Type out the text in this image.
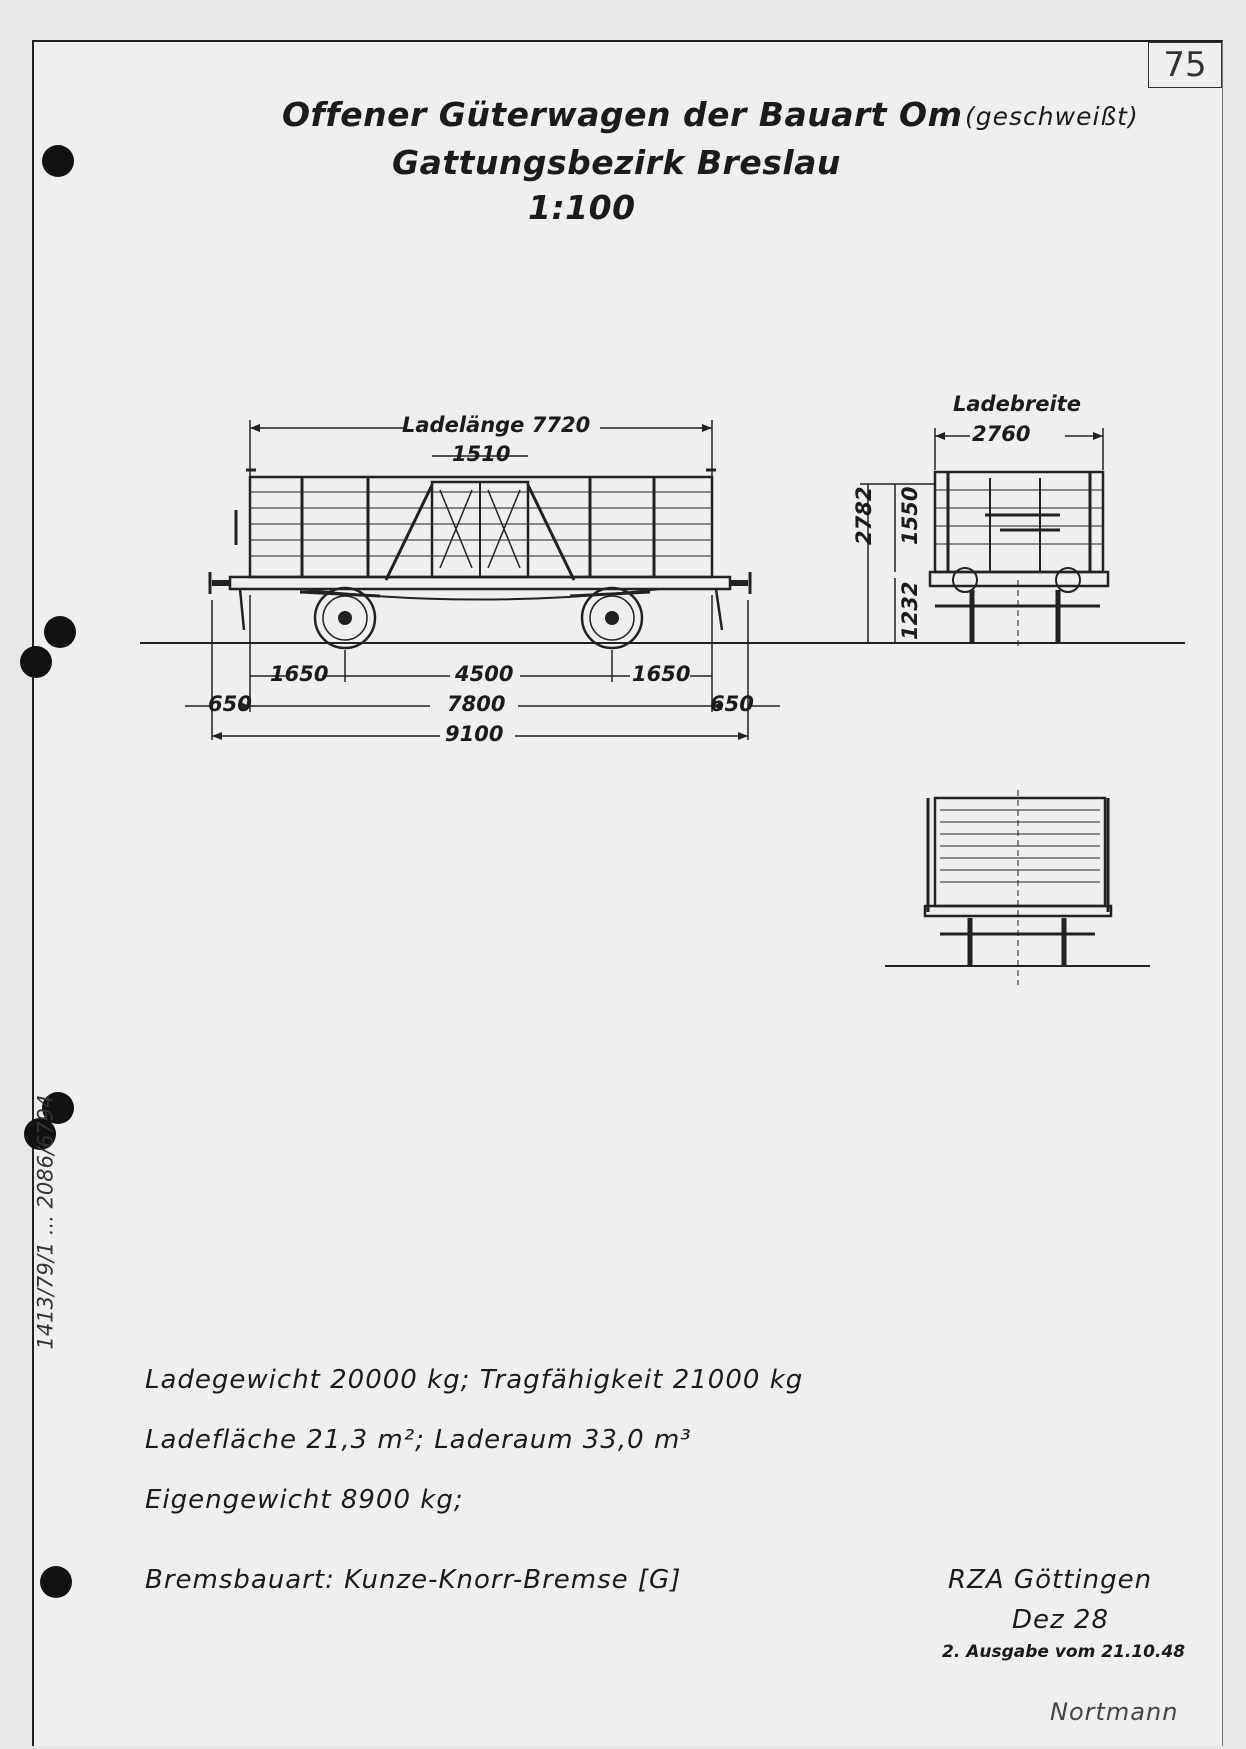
75
1413/79/1 ... 2086/6794
Offener Güterwagen der Bauart Om (geschweißt)
Gattungsbezirk Breslau
1:100
Ladelänge 7720
1510
1650	4500	1650
650	7800	650
9100
Ladebreite
2760
2782 1550
1232
Ladegewicht 20000 kg; Tragfähigkeit 21000 kg
Ladefläche 21,3 m²; Laderaum 33,0 m³
Eigengewicht 8900 kg;
Bremsbauart: Kunze-Knorr-Bremse [G]	RZA Göttingen
Dez 28
2. Ausgabe vom 21.10.48
Nortmann
